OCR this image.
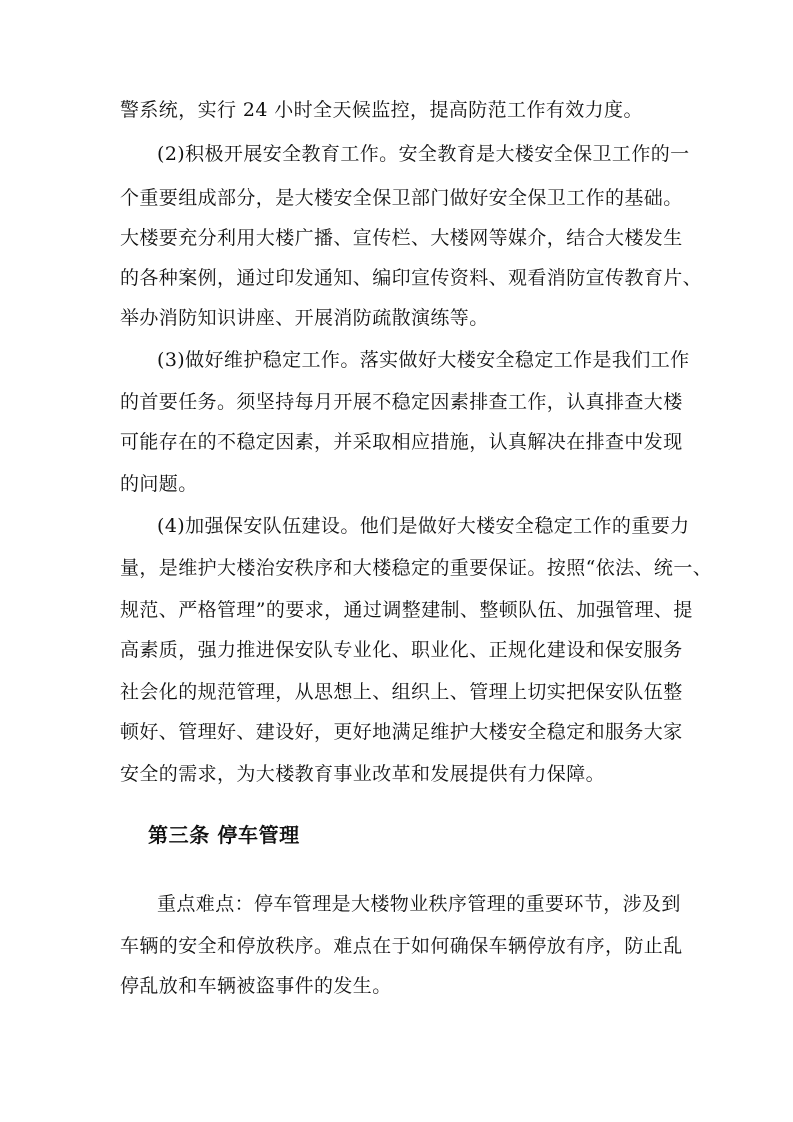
警系统，实行 24 小时全天候监控，提高防范工作有效力度。
(2)积极开展安全教育工作。安全教育是大楼安全保卫工作的一
个重要组成部分，是大楼安全保卫部门做好安全保卫工作的基础。
大楼要充分利用大楼广播、宣传栏、大楼网等媒介，结合大楼发生
的各种案例，通过印发通知、编印宣传资料、观看消防宣传教育片、
举办消防知识讲座、开展消防疏散演练等。
(3)做好维护稳定工作。落实做好大楼安全稳定工作是我们工作
的首要任务。须坚持每月开展不稳定因素排查工作，认真排查大楼
可能存在的不稳定因素，并采取相应措施，认真解决在排查中发现
的问题。
(4)加强保安队伍建设。他们是做好大楼安全稳定工作的重要力
量，是维护大楼治安秩序和大楼稳定的重要保证。按照“依法、统一、
规范、严格管理”的要求，通过调整建制、整顿队伍、加强管理、提
高素质，强力推进保安队专业化、职业化、正规化建设和保安服务
社会化的规范管理，从思想上、组织上、管理上切实把保安队伍整
顿好、管理好、建设好，更好地满足维护大楼安全稳定和服务大家
安全的需求，为大楼教育事业改革和发展提供有力保障。
第三条 停车管理
重点难点：停车管理是大楼物业秩序管理的重要环节，涉及到
车辆的安全和停放秩序。难点在于如何确保车辆停放有序，防止乱
停乱放和车辆被盗事件的发生。
